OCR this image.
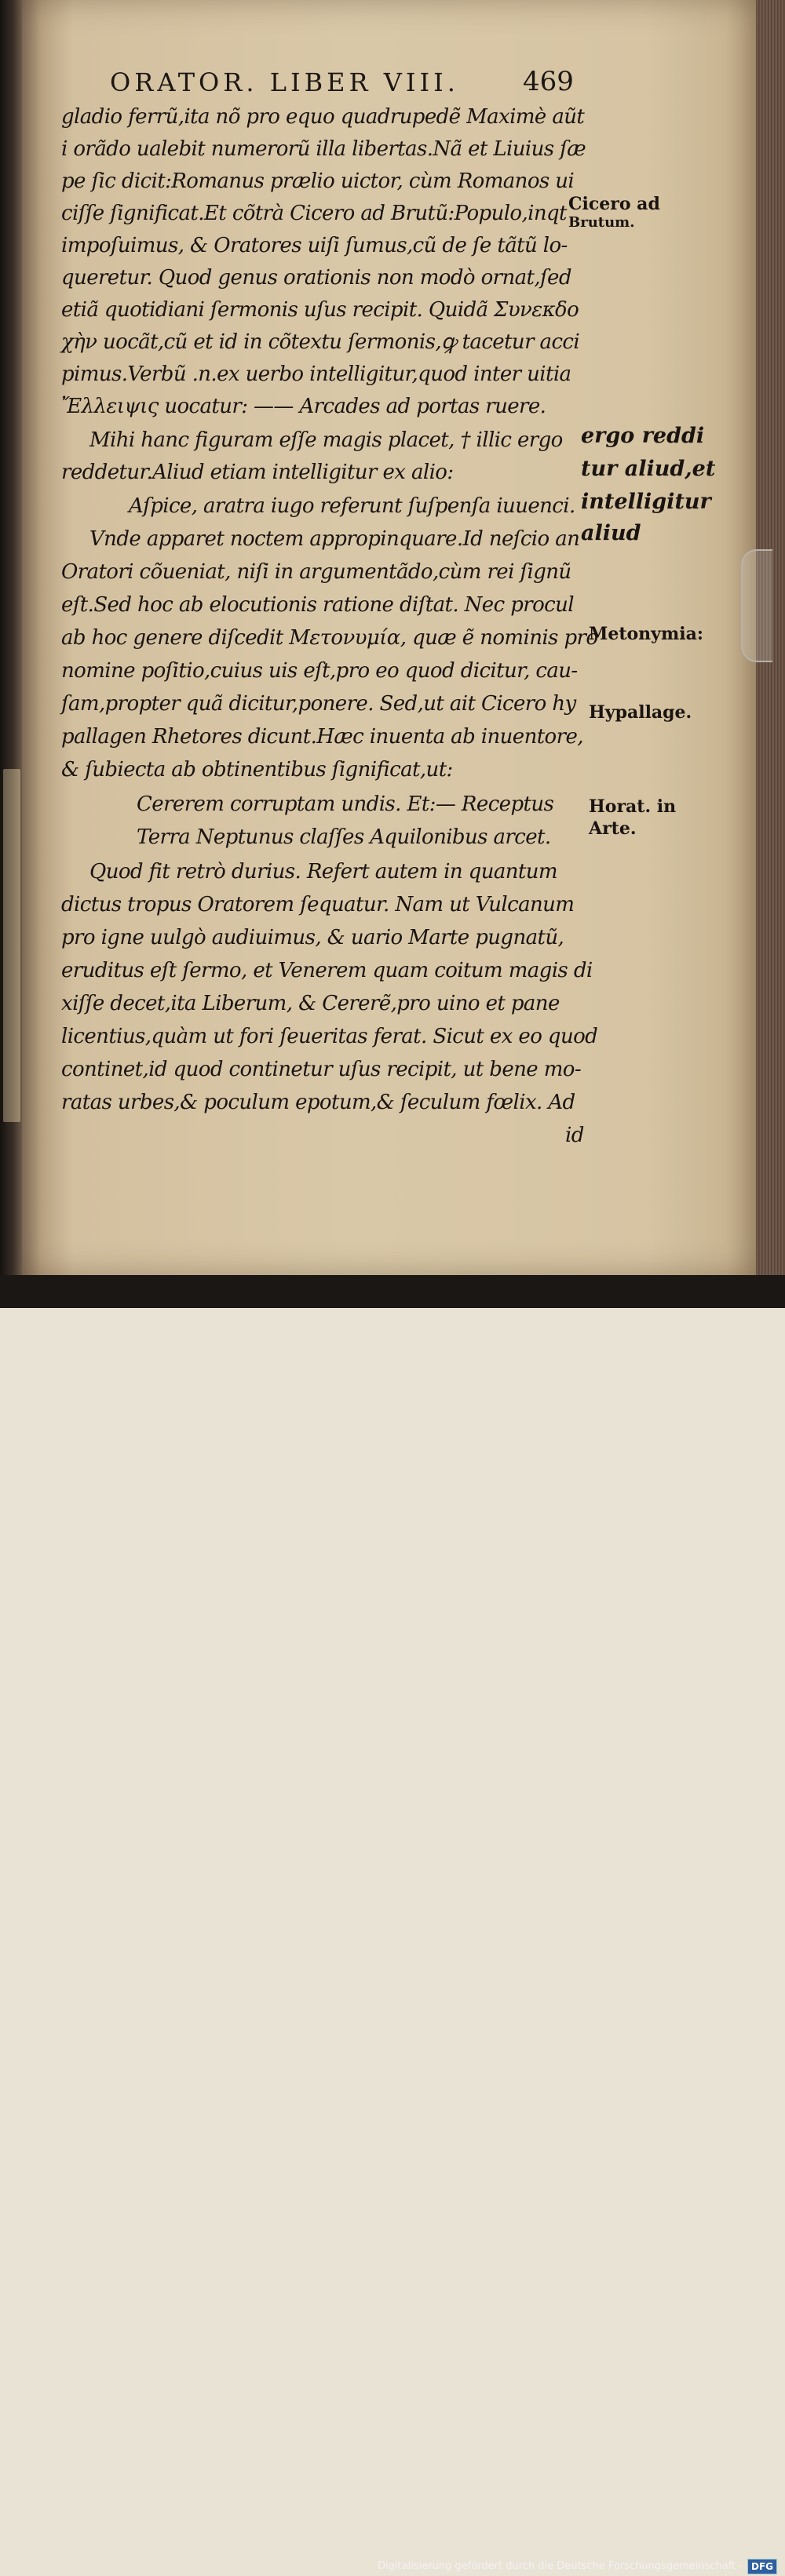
ORATOR. LIBER VIII.	469
gladio ferrũ,ita nõ pro equo quadrupedẽ Maximè aũt
i orãdo ualebit numerorũ illa libertas.Nã et Liuius ſæ
pe ſic dicit:Romanus prælio uictor, cùm Romanos ui
ciſſe ſignificat.Et cõtrà Cicero ad Brutũ:Populo,inqt
impoſuimus, & Oratores uiſi ſumus,cũ de ſe tãtũ lo-
queretur. Quod genus orationis non modò ornat,ſed
etiã quotidiani ſermonis uſus recipit. Quidã Συνεκδο
χὴν uocãt,cũ et id in cõtextu ſermonis,ꝙ tacetur acci
pimus.Verbũ .n.ex uerbo intelligitur,quod inter uitia
Ἔλλειψις uocatur: —— Arcades ad portas ruere.
Mihi hanc figuram eſſe magis placet, † illic ergo
reddetur.Aliud etiam intelligitur ex alio:
Aſpice, aratra iugo referunt ſuſpenſa iuuenci.
Vnde apparet noctem appropinquare.Id neſcio an
Oratori cõueniat, niſi in argumentãdo,cùm rei ſignũ
eſt.Sed hoc ab elocutionis ratione diſtat. Nec procul
ab hoc genere diſcedit Μετονυμία, quæ ẽ nominis pro
nomine poſitio,cuius uis eſt,pro eo quod dicitur, cau-
ſam,propter quã dicitur,ponere. Sed,ut ait Cicero hy
pallagen Rhetores dicunt.Hæc inuenta ab inuentore,
& ſubiecta ab obtinentibus ſignificat,ut:
Cererem corruptam undis. Et:— Receptus
Terra Neptunus claſſes Aquilonibus arcet.
Quod fit retrò durius. Refert autem in quantum
dictus tropus Oratorem ſequatur. Nam ut Vulcanum
pro igne uulgò audiuimus, & uario Marte pugnatũ,
eruditus eſt ſermo, et Venerem quam coitum magis di
xiſſe decet,ita Liberum, & Cererẽ,pro uino et pane
licentius,quàm ut fori ſeueritas ferat. Sicut ex eo quod
continet,id quod continetur uſus recipit, ut bene mo-
ratas urbes,& poculum epotum,& ſeculum fœlix. Ad
id
Cicero ad
Brutum.
ergo reddi
tur aliud,et
intelligitur
aliud
Metonymia:
Hypallage.
Horat. in
Arte.
Digitalisierung gefördert durch die Deutsche Forschungsgemeinschaft - DFG
